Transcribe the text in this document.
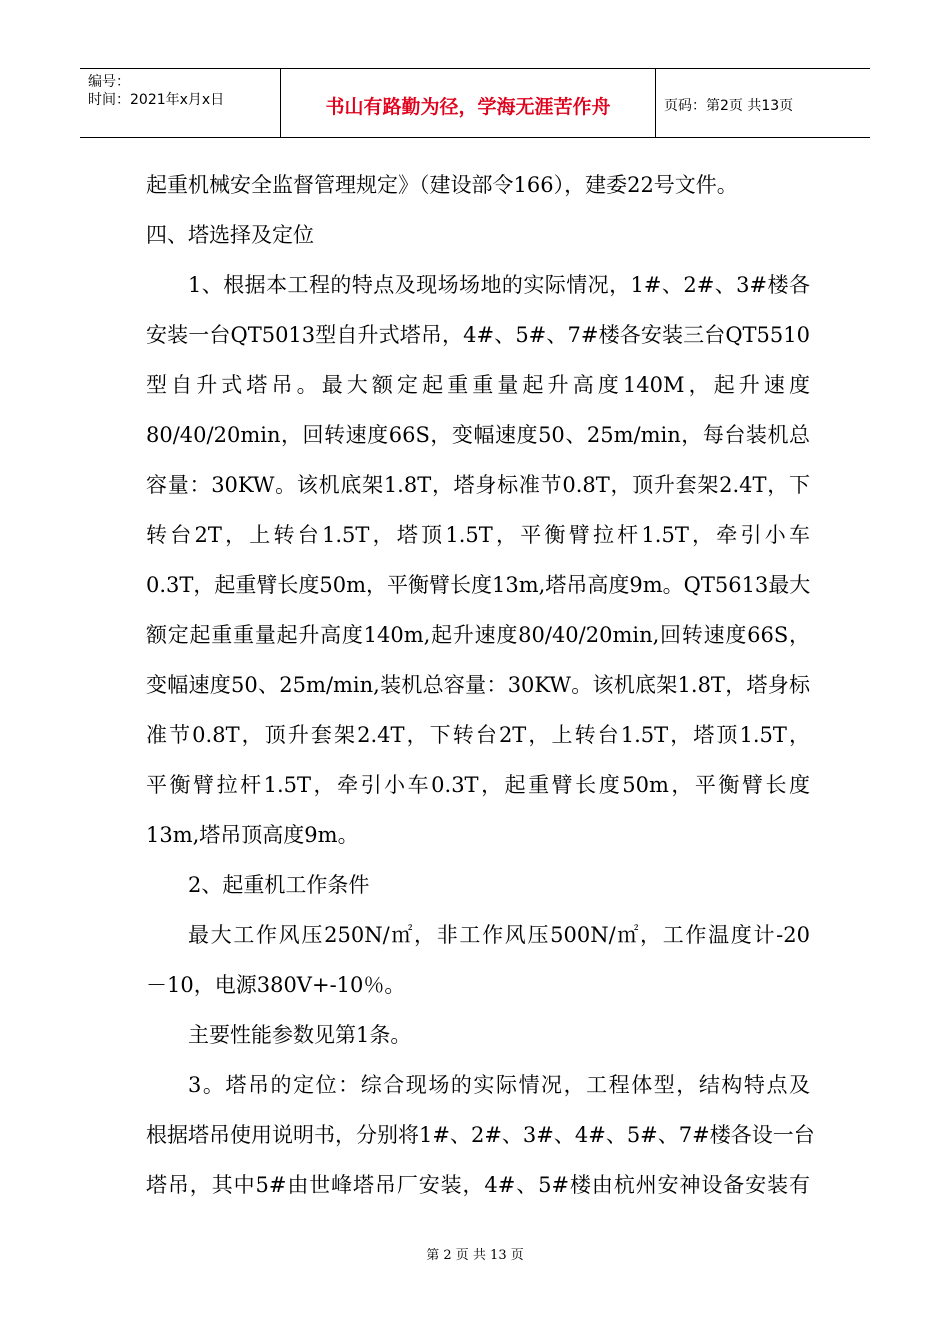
编号：
时间：2021年x月x日	书山有路勤为径，学海无涯苦作舟	页码：第2页 共13页
起重机械安全监督管理规定》（建设部令166），建委22号文件。
四、塔选择及定位
1、根据本工程的特点及现场场地的实际情况，1#、2#、3#楼各
安装一台QT5013型自升式塔吊，4#、5#、7#楼各安装三台QT5510
型自升式塔吊。最大额定起重重量起升高度140M，起升速度
80/40/20min，回转速度66S，变幅速度50、25m/min，每台装机总
容量：30KW。该机底架1.8T，塔身标准节0.8T，顶升套架2.4T，下
转台2T，上转台1.5T，塔顶1.5T，平衡臂拉杆1.5T，牵引小车
0.3T，起重臂长度50m，平衡臂长度13m,塔吊高度9m。QT5613最大
额定起重重量起升高度140m,起升速度80/40/20min,回转速度66S，
变幅速度50、25m/min,装机总容量：30KW。该机底架1.8T，塔身标
准节0.8T，顶升套架2.4T，下转台2T，上转台1.5T，塔顶1.5T，
平衡臂拉杆1.5T，牵引小车0.3T，起重臂长度50m，平衡臂长度
13m,塔吊顶高度9m。
2、起重机工作条件
最大工作风压250N/㎡，非工作风压500N/㎡，工作温度计-20
－10，电源380V+-10％。
主要性能参数见第1条。
3。塔吊的定位：综合现场的实际情况，工程体型，结构特点及
根据塔吊使用说明书，分别将1#、2#、3#、4#、5#、7#楼各设一台
塔吊，其中5#由世峰塔吊厂安装，4#、5#楼由杭州安神设备安装有
第 2 页 共 13 页
